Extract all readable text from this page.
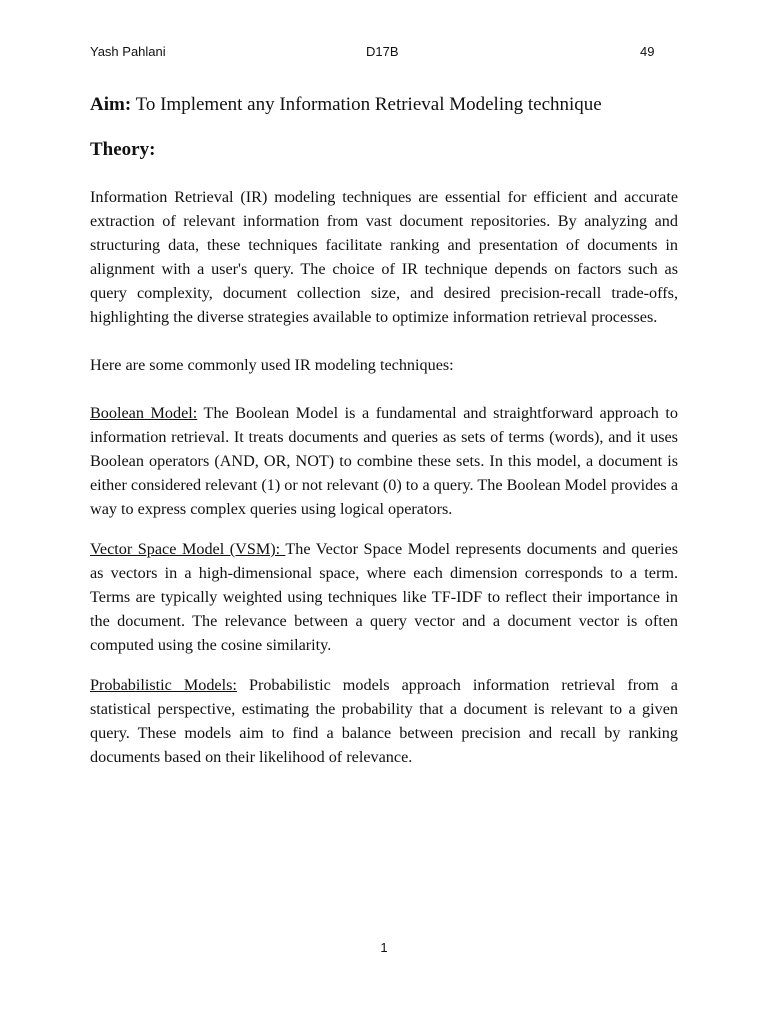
Yash Pahlani	D17B	49
Aim: To Implement any Information Retrieval Modeling technique
Theory:

Information Retrieval (IR) modeling techniques are essential for efficient and accurate extraction of relevant information from vast document repositories. By analyzing and structuring data, these techniques facilitate ranking and presentation of documents in alignment with a user's query. The choice of IR technique depends on factors such as query complexity, document collection size, and desired precision-recall trade-offs, highlighting the diverse strategies available to optimize information retrieval processes.

Here are some commonly used IR modeling techniques:

Boolean Model: The Boolean Model is a fundamental and straightforward approach to information retrieval. It treats documents and queries as sets of terms (words), and it uses Boolean operators (AND, OR, NOT) to combine these sets. In this model, a document is either considered relevant (1) or not relevant (0) to a query. The Boolean Model provides a way to express complex queries using logical operators.

Vector Space Model (VSM): The Vector Space Model represents documents and queries as vectors in a high-dimensional space, where each dimension corresponds to a term. Terms are typically weighted using techniques like TF-IDF to reflect their importance in the document. The relevance between a query vector and a document vector is often computed using the cosine similarity.

Probabilistic Models: Probabilistic models approach information retrieval from a statistical perspective, estimating the probability that a document is relevant to a given query. These models aim to find a balance between precision and recall by ranking documents based on their likelihood of relevance.

1
